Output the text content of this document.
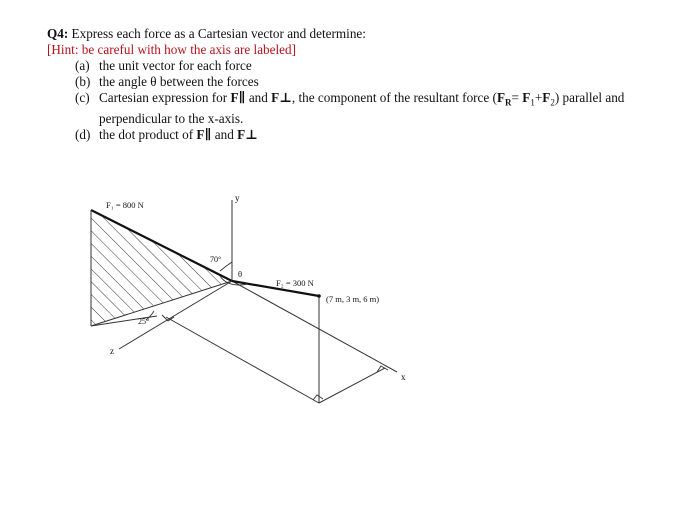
Q4: Express each force as a Cartesian vector and determine:
[Hint: be careful with how the axis are labeled]
(a) the unit vector for each force
(b) the angle θ between the forces
(c) Cartesian expression for F∥ and F⊥, the component of the resultant force $(F_R= F_1+F_2)$ parallel and
perpendicular to the x-axis.
(d) the dot product of F∥ and F⊥
F₁ = 800 N
F₂ = 300 N
(7 m, 3 m, 6 m)
70°
θ
25°
y
x
z
